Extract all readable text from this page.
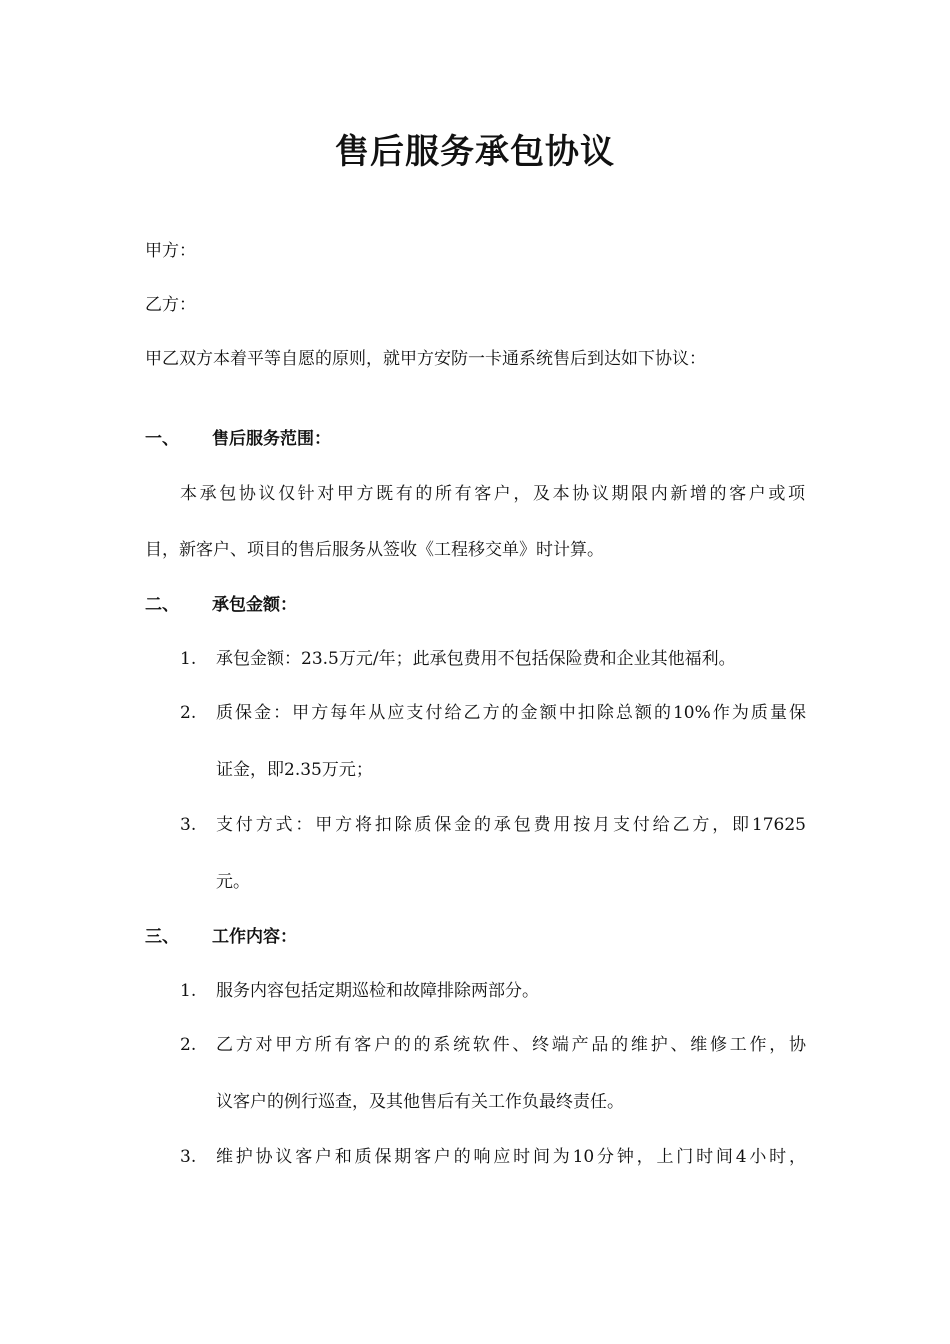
售后服务承包协议
甲方：
乙方：
甲乙双方本着平等自愿的原则，就甲方安防一卡通系统售后到达如下协议：
一、 售后服务范围：
本承包协议仅针对甲方既有的所有客户，及本协议期限内新增的客户或项
目，新客户、项目的售后服务从签收《工程移交单》时计算。
二、 承包金额：
1. 承包金额：23.5万元/年；此承包费用不包括保险费和企业其他福利。
2. 质保金：甲方每年从应支付给乙方的金额中扣除总额的10%作为质量保
证金，即2.35万元；
3. 支付方式：甲方将扣除质保金的承包费用按月支付给乙方，即17625
元。
三、 工作内容：
1. 服务内容包括定期巡检和故障排除两部分。
2. 乙方对甲方所有客户的的系统软件、终端产品的维护、维修工作，协
议客户的例行巡查，及其他售后有关工作负最终责任。
3. 维护协议客户和质保期客户的响应时间为10分钟，上门时间4小时，
